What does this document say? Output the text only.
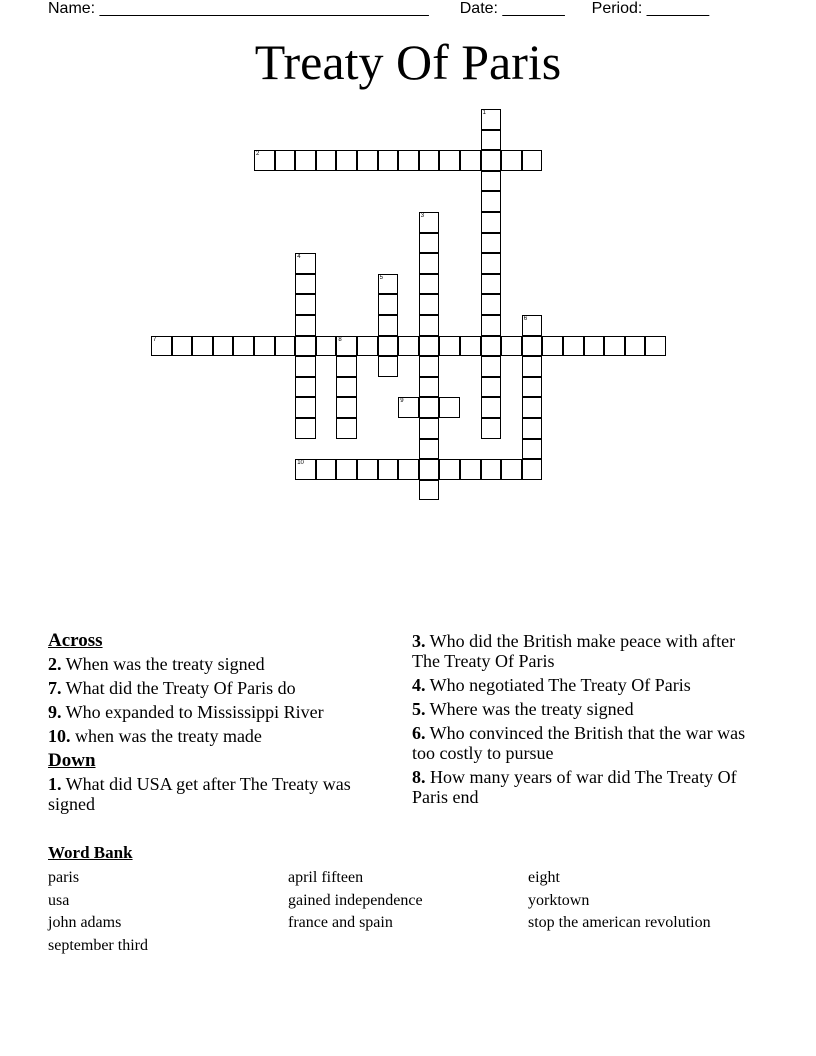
Name: _____________________________________ Date: _______ Period: _______
Treaty Of Paris
1
2
3
4
5
6
7	8
9
10
Across
2. When was the treaty signed
7. What did the Treaty Of Paris do
9. Who expanded to Mississippi River
10. when was the treaty made
Down
1. What did USA get after The Treaty was signed
3. Who did the British make peace with after The Treaty Of Paris
4. Who negotiated The Treaty Of Paris
5. Where was the treaty signed
6. Who convinced the British that the war was too costly to pursue
8. How many years of war did The Treaty Of Paris end
Word Bank
paris
usa
john adams
september third
april fifteen
gained independence
france and spain
eight
yorktown
stop the american revolution
